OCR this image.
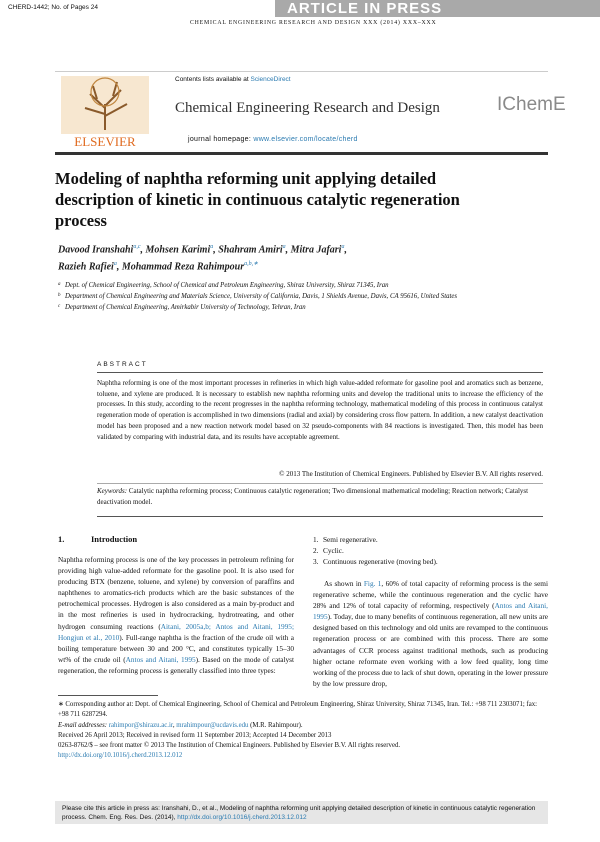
CHERD-1442; No. of Pages 24	ARTICLE IN PRESS
CHEMICAL ENGINEERING RESEARCH AND DESIGN XXX (2014) XXX–XXX
ELSEVIER
Contents lists available at ScienceDirect
Chemical Engineering Research and Design
journal homepage: www.elsevier.com/locate/cherd
IChemE
Modeling of naphtha reforming unit applying detailed description of kinetic in continuous catalytic regeneration process
Davood Iranshahi$^{a,c}$, Mohsen Karimi$^a$, Shahram Amiri$^a$, Mitra Jafari$^a$,
Razieh Rafiei$^a$, Mohammad Reza Rahimpour$^{a,b,∗}$
a Dept. of Chemical Engineering, School of Chemical and Petroleum Engineering, Shiraz University, Shiraz 71345, Iran
b Department of Chemical Engineering and Materials Science, University of California, Davis, 1 Shields Avenue, Davis, CA 95616, United States
c Department of Chemical Engineering, Amirkabir University of Technology, Tehran, Iran
ABSTRACT
Naphtha reforming is one of the most important processes in refineries in which high value-added reformate for gasoline pool and aromatics such as benzene, toluene, and xylene are produced. It is necessary to establish new naphtha reforming units and develop the traditional units to increase the efficiency of the processes. In this study, according to the recent progresses in the naphtha reforming technology, mathematical modeling of this process in continuous catalyst regeneration mode of operation is accomplished in two dimensions (radial and axial) by considering cross flow pattern. In addition, a new catalyst deactivation model has been proposed and a new reaction network model based on 32 pseudo-components with 84 reactions is investigated. Then, this model has been validated by comparing with industrial data, and its results have acceptable agreement.
© 2013 The Institution of Chemical Engineers. Published by Elsevier B.V. All rights reserved.
Keywords: Catalytic naphtha reforming process; Continuous catalytic regeneration; Two dimensional mathematical modeling; Reaction network; Catalyst deactivation model.
1.	Introduction
Naphtha reforming process is one of the key processes in petroleum refining for providing high value-added reformate for the gasoline pool. It is also used for producing BTX (benzene, toluene, and xylene) by conversion of paraffins and naphthenes to aromatics-rich products which are the basic substances of the petrochemical processes. Hydrogen is also considered as a main by-product and in the most refineries is used in hydrocracking, hydrotreating, and other hydrogen consuming reactions (Aitani, 2005a,b; Antos and Aitani, 1995; Hongjun et al., 2010). Full-range naphtha is the fraction of the crude oil with a boiling temperature between 30 and 200 °C, and constitutes typically 15–30 wt% of the crude oil (Antos and Aitani, 1995). Based on the mode of catalyst regeneration, the reforming process is generally classified into three types:
1. Semi regenerative.
2. Cyclic.
3. Continuous regenerative (moving bed).
As shown in Fig. 1, 60% of total capacity of reforming process is the semi regenerative scheme, while the continuous regeneration and the cyclic have 28% and 12% of total capacity of reforming, respectively (Antos and Aitani, 1995). Today, due to many benefits of continuous regeneration, all new units are designed based on this technology and old units are revamped to the continuous regeneration process or are combined with this process. There are some advantages of CCR process against traditional methods, such as producing higher octane reformate even working with a low feed quality, long time working of the process due to lack of shut down, operating in the lower pressure by the low pressure drop,
∗ Corresponding author at: Dept. of Chemical Engineering, School of Chemical and Petroleum Engineering, Shiraz University, Shiraz 71345, Iran. Tel.: +98 711 2303071; fax: +98 711 6287294.
E-mail addresses: rahimpor@shirazu.ac.ir, mrahimpour@ucdavis.edu (M.R. Rahimpour).
Received 26 April 2013; Received in revised form 11 September 2013; Accepted 14 December 2013
0263-8762/$ – see front matter © 2013 The Institution of Chemical Engineers. Published by Elsevier B.V. All rights reserved.
http://dx.doi.org/10.1016/j.cherd.2013.12.012
Please cite this article in press as: Iranshahi, D., et al., Modeling of naphtha reforming unit applying detailed description of kinetic in continuous catalytic regeneration process. Chem. Eng. Res. Des. (2014), http://dx.doi.org/10.1016/j.cherd.2013.12.012
